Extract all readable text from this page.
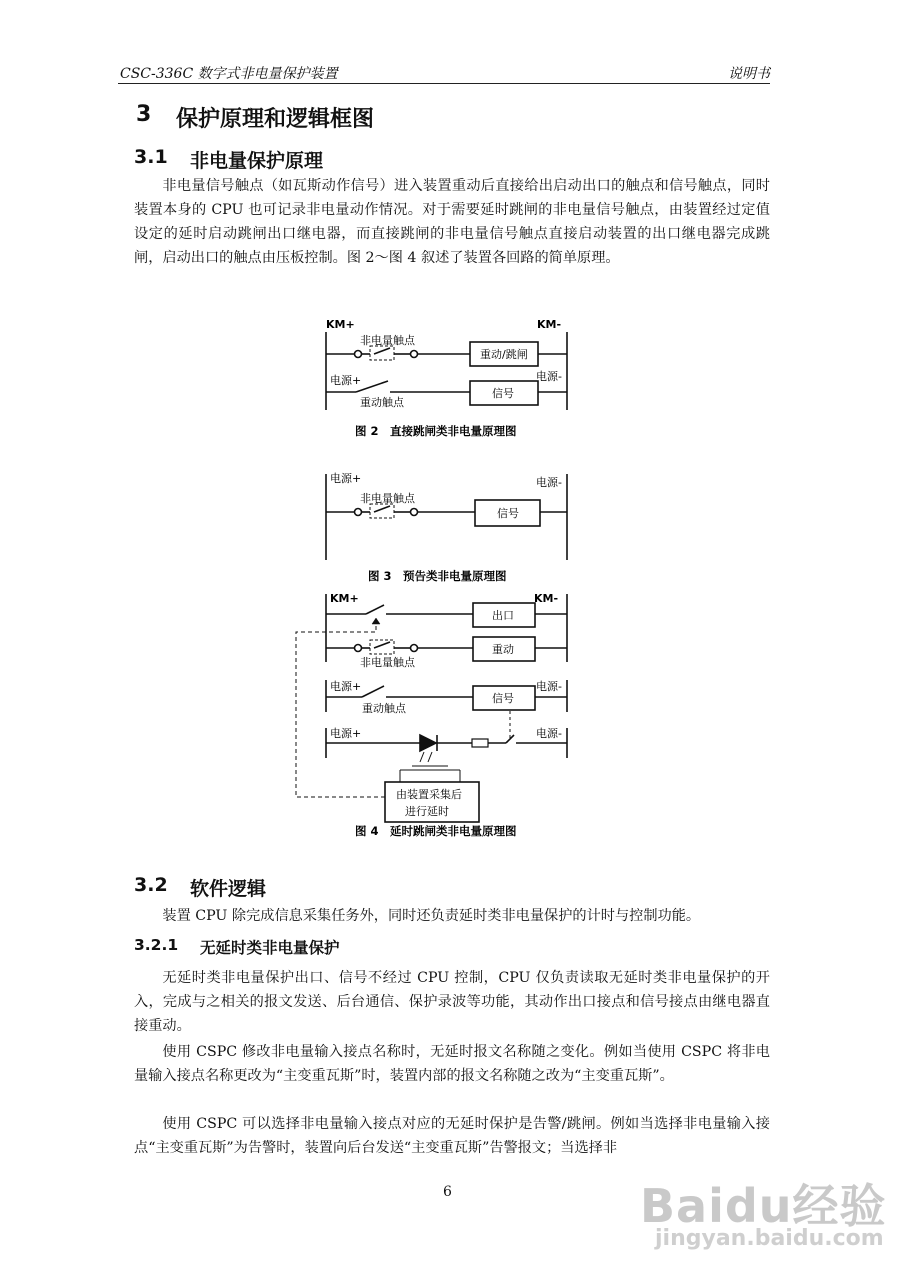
CSC-336C 数字式非电量保护装置	说明书
3 保护原理和逻辑框图
3.1 非电量保护原理

非电量信号触点（如瓦斯动作信号）进入装置重动后直接给出启动出口的触点和信号触点，同时装置本身的 CPU 也可记录非电量动作情况。对于需要延时跳闸的非电量信号触点，由装置经过定值设定的延时启动跳闸出口继电器，而直接跳闸的非电量信号触点直接启动装置的出口继电器完成跳闸，启动出口的触点由压板控制。图 2～图 4 叙述了装置各回路的简单原理。

KM+	KM-
非电量触点
重动/跳闸
电源+	电源-
重动触点
信号
图 2　直接跳闸类非电量原理图
电源+	电源-
非电量触点
信号
图 3　预告类非电量原理图
KM+	KM-
出口
重动
非电量触点
电源+	电源-
重动触点
信号
电源+	电源-
由装置采集后
进行延时
图 4　延时跳闸类非电量原理图
3.2 软件逻辑

装置 CPU 除完成信息采集任务外，同时还负责延时类非电量保护的计时与控制功能。

3.2.1 无延时类非电量保护

无延时类非电量保护出口、信号不经过 CPU 控制，CPU 仅负责读取无延时类非电量保护的开入，完成与之相关的报文发送、后台通信、保护录波等功能，其动作出口接点和信号接点由继电器直接重动。

使用 CSPC 修改非电量输入接点名称时，无延时报文名称随之变化。例如当使用 CSPC 将非电量输入接点名称更改为“主变重瓦斯”时，装置内部的报文名称随之改为“主变重瓦斯”。

使用 CSPC 可以选择非电量输入接点对应的无延时保护是告警/跳闸。例如当选择非电量输入接点“主变重瓦斯”为告警时，装置向后台发送“主变重瓦斯”告警报文；当选择非

6	Baidu经验
jingyan.baidu.com
